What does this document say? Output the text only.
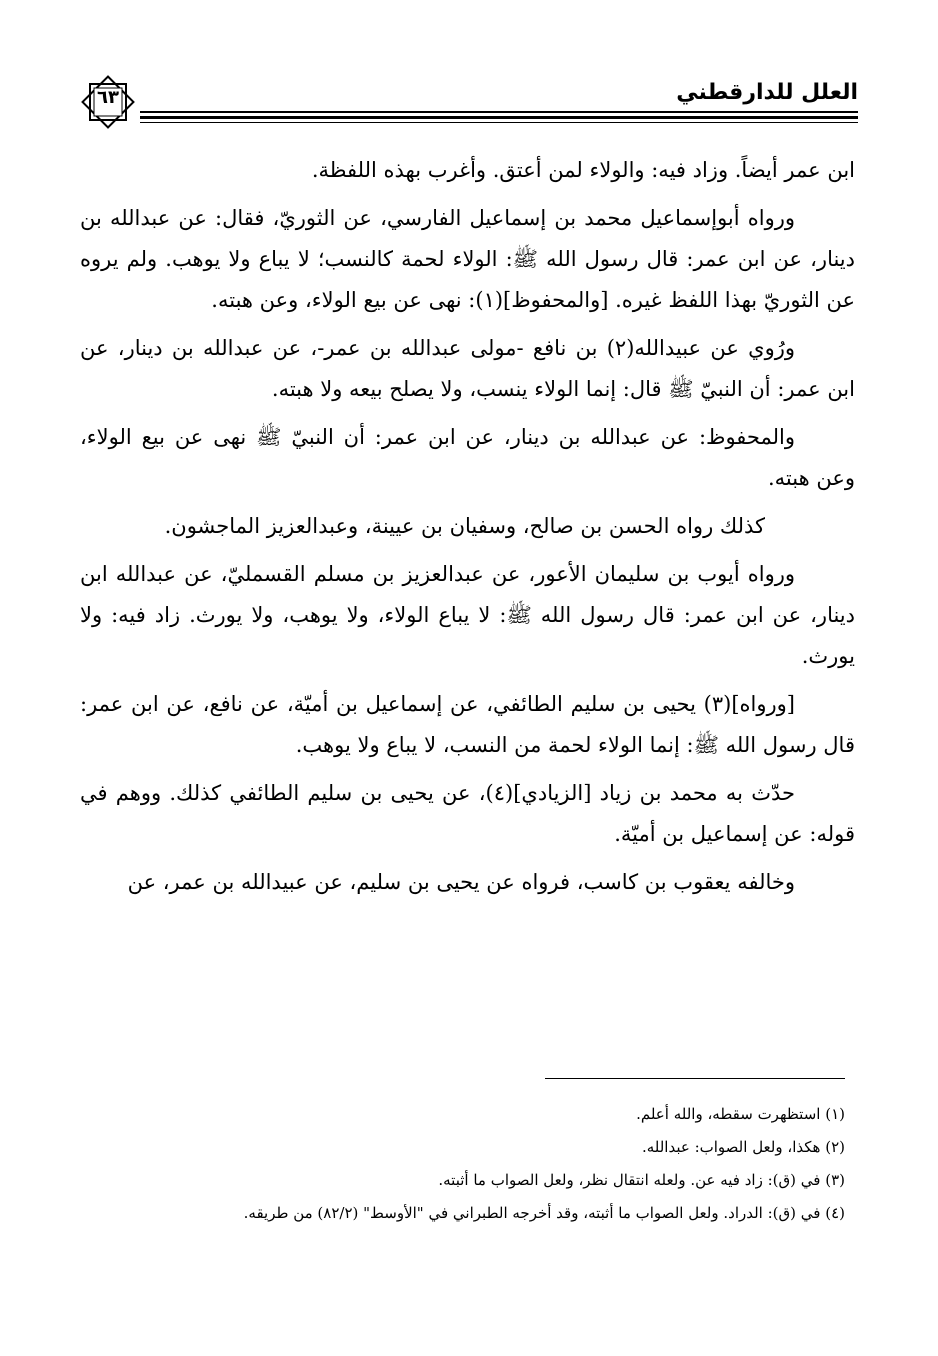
العلل للدارقطني
٦٣

ابن عمر أيضاً. وزاد فيه: والولاء لمن أعتق. وأغرب بهذه اللفظة.

ورواه أبوإسماعيل محمد بن إسماعيل الفارسي، عن الثوريّ، فقال: عن عبدالله بن دينار، عن ابن عمر: قال رسول الله ﷺ: الولاء لحمة كالنسب؛ لا يباع ولا يوهب. ولم يروه عن الثوريّ بهذا اللفظ غيره. [والمحفوظ](١): نهى عن بيع الولاء، وعن هبته.

ورُوي عن عبيدالله(٢) بن نافع -مولى عبدالله بن عمر-، عن عبدالله بن دينار، عن ابن عمر: أن النبيّ ﷺ قال: إنما الولاء ينسب، ولا يصلح بيعه ولا هبته.

والمحفوظ: عن عبدالله بن دينار، عن ابن عمر: أن النبيّ ﷺ نهى عن بيع الولاء، وعن هبته.

كذلك رواه الحسن بن صالح، وسفيان بن عيينة، وعبدالعزيز الماجشون.

ورواه أيوب بن سليمان الأعور، عن عبدالعزيز بن مسلم القسمليّ، عن عبدالله ابن دينار، عن ابن عمر: قال رسول الله ﷺ: لا يباع الولاء، ولا يوهب، ولا يورث. زاد فيه: ولا يورث.

[ورواه](٣) يحيى بن سليم الطائفي، عن إسماعيل بن أميّة، عن نافع، عن ابن عمر: قال رسول الله ﷺ: إنما الولاء لحمة من النسب، لا يباع ولا يوهب.

حدّث به محمد بن زياد [الزيادي](٤)، عن يحيى بن سليم الطائفي كذلك. ووهم في قوله: عن إسماعيل بن أميّة.

وخالفه يعقوب بن كاسب، فرواه عن يحيى بن سليم، عن عبيدالله بن عمر، عن

(١) استظهرت سقطه، والله أعلم.
(٢) هكذا، ولعل الصواب: عبدالله.
(٣) في (ق): زاد فيه عن. ولعله انتقال نظر، ولعل الصواب ما أثبته.
(٤) في (ق): الدراد. ولعل الصواب ما أثبته، وقد أخرجه الطبراني في "الأوسط" (٨٢/٢) من طريقه.
